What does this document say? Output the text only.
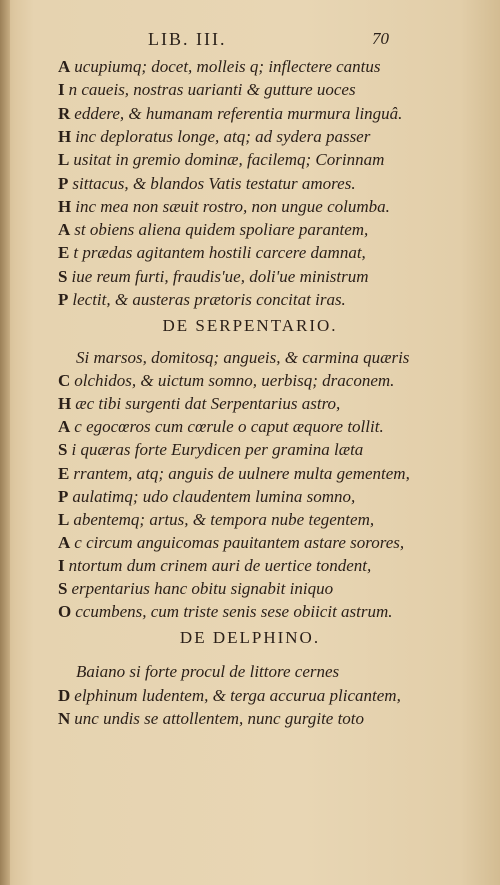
LIB. III.	70
A ucupiumq; docet, molleis q; inflectere cantus
I n caueis, nostras uarianti & gutture uoces
R eddere, & humanam referentia murmura linguâ.
H inc deploratus longe, atq; ad sydera passer
L usitat in gremio dominæ, facilemq; Corinnam
P sittacus, & blandos Vatis testatur amores.
H inc mea non sæuit rostro, non ungue columba.
A st obiens aliena quidem spoliare parantem,
E t prædas agitantem hostili carcere damnat,
S iue reum furti, fraudis'ue, doli'ue ministrum
P lectit, & austeras prætoris concitat iras.
DE SERPENTARIO.
Si marsos, domitosq; angueis, & carmina quæris
C olchidos, & uictum somno, uerbisq; draconem.
H æc tibi surgenti dat Serpentarius astro,
A c egocœros cum cœrule o caput æquore tollit.
S i quæras forte Eurydicen per gramina læta
E rrantem, atq; anguis de uulnere multa gementem,
P aulatimq; udo claudentem lumina somno,
L abentemq; artus, & tempora nube tegentem,
A c circum anguicomas pauitantem astare sorores,
I ntortum dum crinem auri de uertice tondent,
S erpentarius hanc obitu signabit iniquo
O ccumbens, cum triste senis sese obiicit astrum.
DE DELPHINO.
Baiano si forte procul de littore cernes
D elphinum ludentem, & terga accurua plicantem,
N unc undis se attollentem, nunc gurgite toto
